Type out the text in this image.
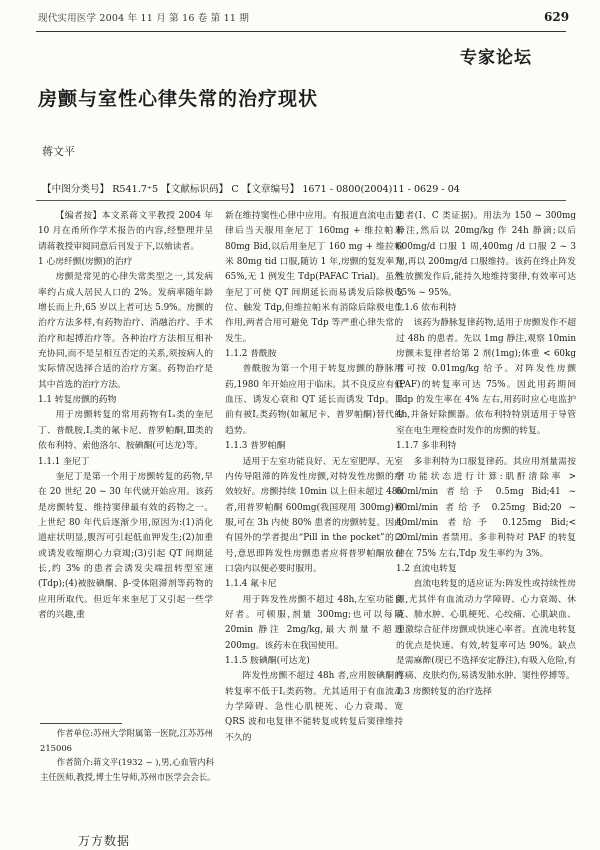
现代实用医学 2004 年 11 月 第 16 卷 第 11 期	629
专家论坛
房颤与室性心律失常的治疗现状
蒋文平
【中图分类号】 R541.7⁺5 【文献标识码】 C 【文章编号】 1671 - 0800(2004)11 - 0629 - 04

【编者按】本文系蒋文平教授 2004 年 10 月在甬所作学术报告的内容,经整理并呈请蒋教授审阅同意后刊发于下,以飨读者。

1 心房纤颤(房颤)的治疗

房颤是常见的心律失常类型之一,其发病率约占成人居民人口的 2%。发病率随年龄增长而上升,65 岁以上者可达 5.9%。房颤的治疗方法多样,有药物治疗、消融治疗、手术治疗和起搏治疗等。各种治疗方法相互相补充协同,而不是呈相互否定的关系,须按病人的实际情况选择合适的治疗方案。药物治疗是其中首选的治疗方法。

1.1 转复房颤的药物

用于房颤转复的常用药物有Ⅰₐ类的奎尼丁、普酰胺,Ⅰ꜀类的氟卡尼、普罗帕酮,Ⅲ类的依布利特、索他洛尔、胺碘酮(可达龙)等。

1.1.1 奎尼丁

奎尼丁是第一个用于房颤转复的药物,早在 20 世纪 20 ~ 30 年代就开始应用。该药是房颤转复、维持窦律最有效的药物之一。上世纪 80 年代后逐渐少用,原因为:(1)消化道症状明显,腹泻可引起低血钾发生;(2)加重或诱发收缩期心力衰竭;(3)引起 QT 间期延长,约 3% 的患者会诱发尖端扭转型室速(Tdp);(4)被胺碘酮、β-受体阻滞剂等药物的应用所取代。但近年来奎尼丁又引起一些学者的兴趣,重

新在维持窦性心律中应用。有报道直流电击复律后当天服用奎尼丁 160mg + 维拉帕米 80mg Bid,以后用奎尼丁 160 mg + 维拉帕米 80mg tid 口服,随访 1 年,房颤的复发率为 65%,无 1 例发生 Tdp(PAFAC Trial)。虽然奎尼丁可使 QT 间期延长而易诱发后除极电位、触发 Tdp,但维拉帕米有消除后除极电位作用,两者合用可避免 Tdp 等严重心律失常的发生。

1.1.2 普酰胺

普酰胺为第一个用于转复房颤的静脉用药,1980 年开始应用于临床。其不良反应有低血压、诱发心衰和 QT 延长而诱发 Tdp。目前有被Ⅰ꜀类药物(如氟尼卡、普罗帕酮)替代的趋势。

1.1.3 普罗帕酮

适用于左室功能良好、无左室肥厚、无室内传导阻滞的阵发性房颤,对特发性房颤的疗效较好。房颤持续 10min 以上但未超过 48h 者,用普罗帕酮 600mg(我国现用 300mg)顿服,可在 3h 内使 80% 患者的房颤转复。因此有国外的学者提出“Pill in the pocket”的口号,意思即阵发性房颤患者应将普罗帕酮放在口袋内以便必要时服用。

1.1.4 氟卡尼

用于阵发性房颤不超过 48h,左室功能良好者。可顿服,剂量 300mg;也可以每隔 20min 静注 2mg/kg,最大剂量不超过 200mg。该药未在我国使用。

1.1.5 胺碘酮(可达龙)

阵发性房颤不超过 48h 者,应用胺碘酮的转复率不低于Ⅰ꜀类药物。尤其适用于有血流动力学障碍、急性心肌梗死、心力衰竭、宽 QRS 波和电复律不能转复或转复后窦律维持不久的

患者(Ⅰ、C 类证据)。用法为 150 ~ 300mg 静注,然后以 20mg/kg 作 24h 静滴;以后 600mg/d 口服 1 周,400mg /d 口服 2 ~ 3 周,再以 200mg/d 口服维持。该药在终止阵发性放颤发作后,能持久地维持窦律,有效率可达 55% ~ 95%。

1.1.6 依布利特

该药为静脉复律药物,适用于房颤发作不超过 48h 的患者。先以 1mg 静注,观察 10min 房颤未复律者给第 2 剂(1mg);体重 < 60kg 者可按 0.01mg/kg 给予。对阵发性房颤(PAF)的转复率可达 75%。因此用药期间 Tdp 的发生率在 4% 左右,用药时应心电监护 4h,并备好除颤器。依布利特特别适用于导管室在电生理检查时发作的房颤的转复。

1.1.7 多非利特

多非利特为口服复律药。其应用剂量需按肾功能状态进行计算:肌酐清除率 > 60ml/min 者给予 0.5mg Bid;41 ~ 60ml/min 者给予 0.25mg Bid;20 ~ 40ml/min 者给予 0.125mg Bid;< 20ml/min 者禁用。多非利特对 PAF 的转复律在 75% 左右,Tdp 发生率约为 3%。

1.2 直流电转复

直流电转复的适应证为:阵发性或持续性房颤,尤其伴有血流动力学障碍、心力衰竭、休克、肺水肿、心肌梗死、心绞痛、心肌缺血、预激综合征伴房颤或快速心率者。直流电转复的优点是快速、有效,转复率可达 90%。缺点是需麻醉(现已不选择安定静注),有吸入危险,有疼痛、皮肤灼伤,易诱发肺水肿、窦性停搏等。

1.3 房颤转复的治疗选择

作者单位:苏州大学附属第一医院,江苏苏州 215006

作者简介:蒋文平(1932 ~ ),男,心血管内科主任医师,教授,博士生导师,苏州市医学会会长。

万方数据
